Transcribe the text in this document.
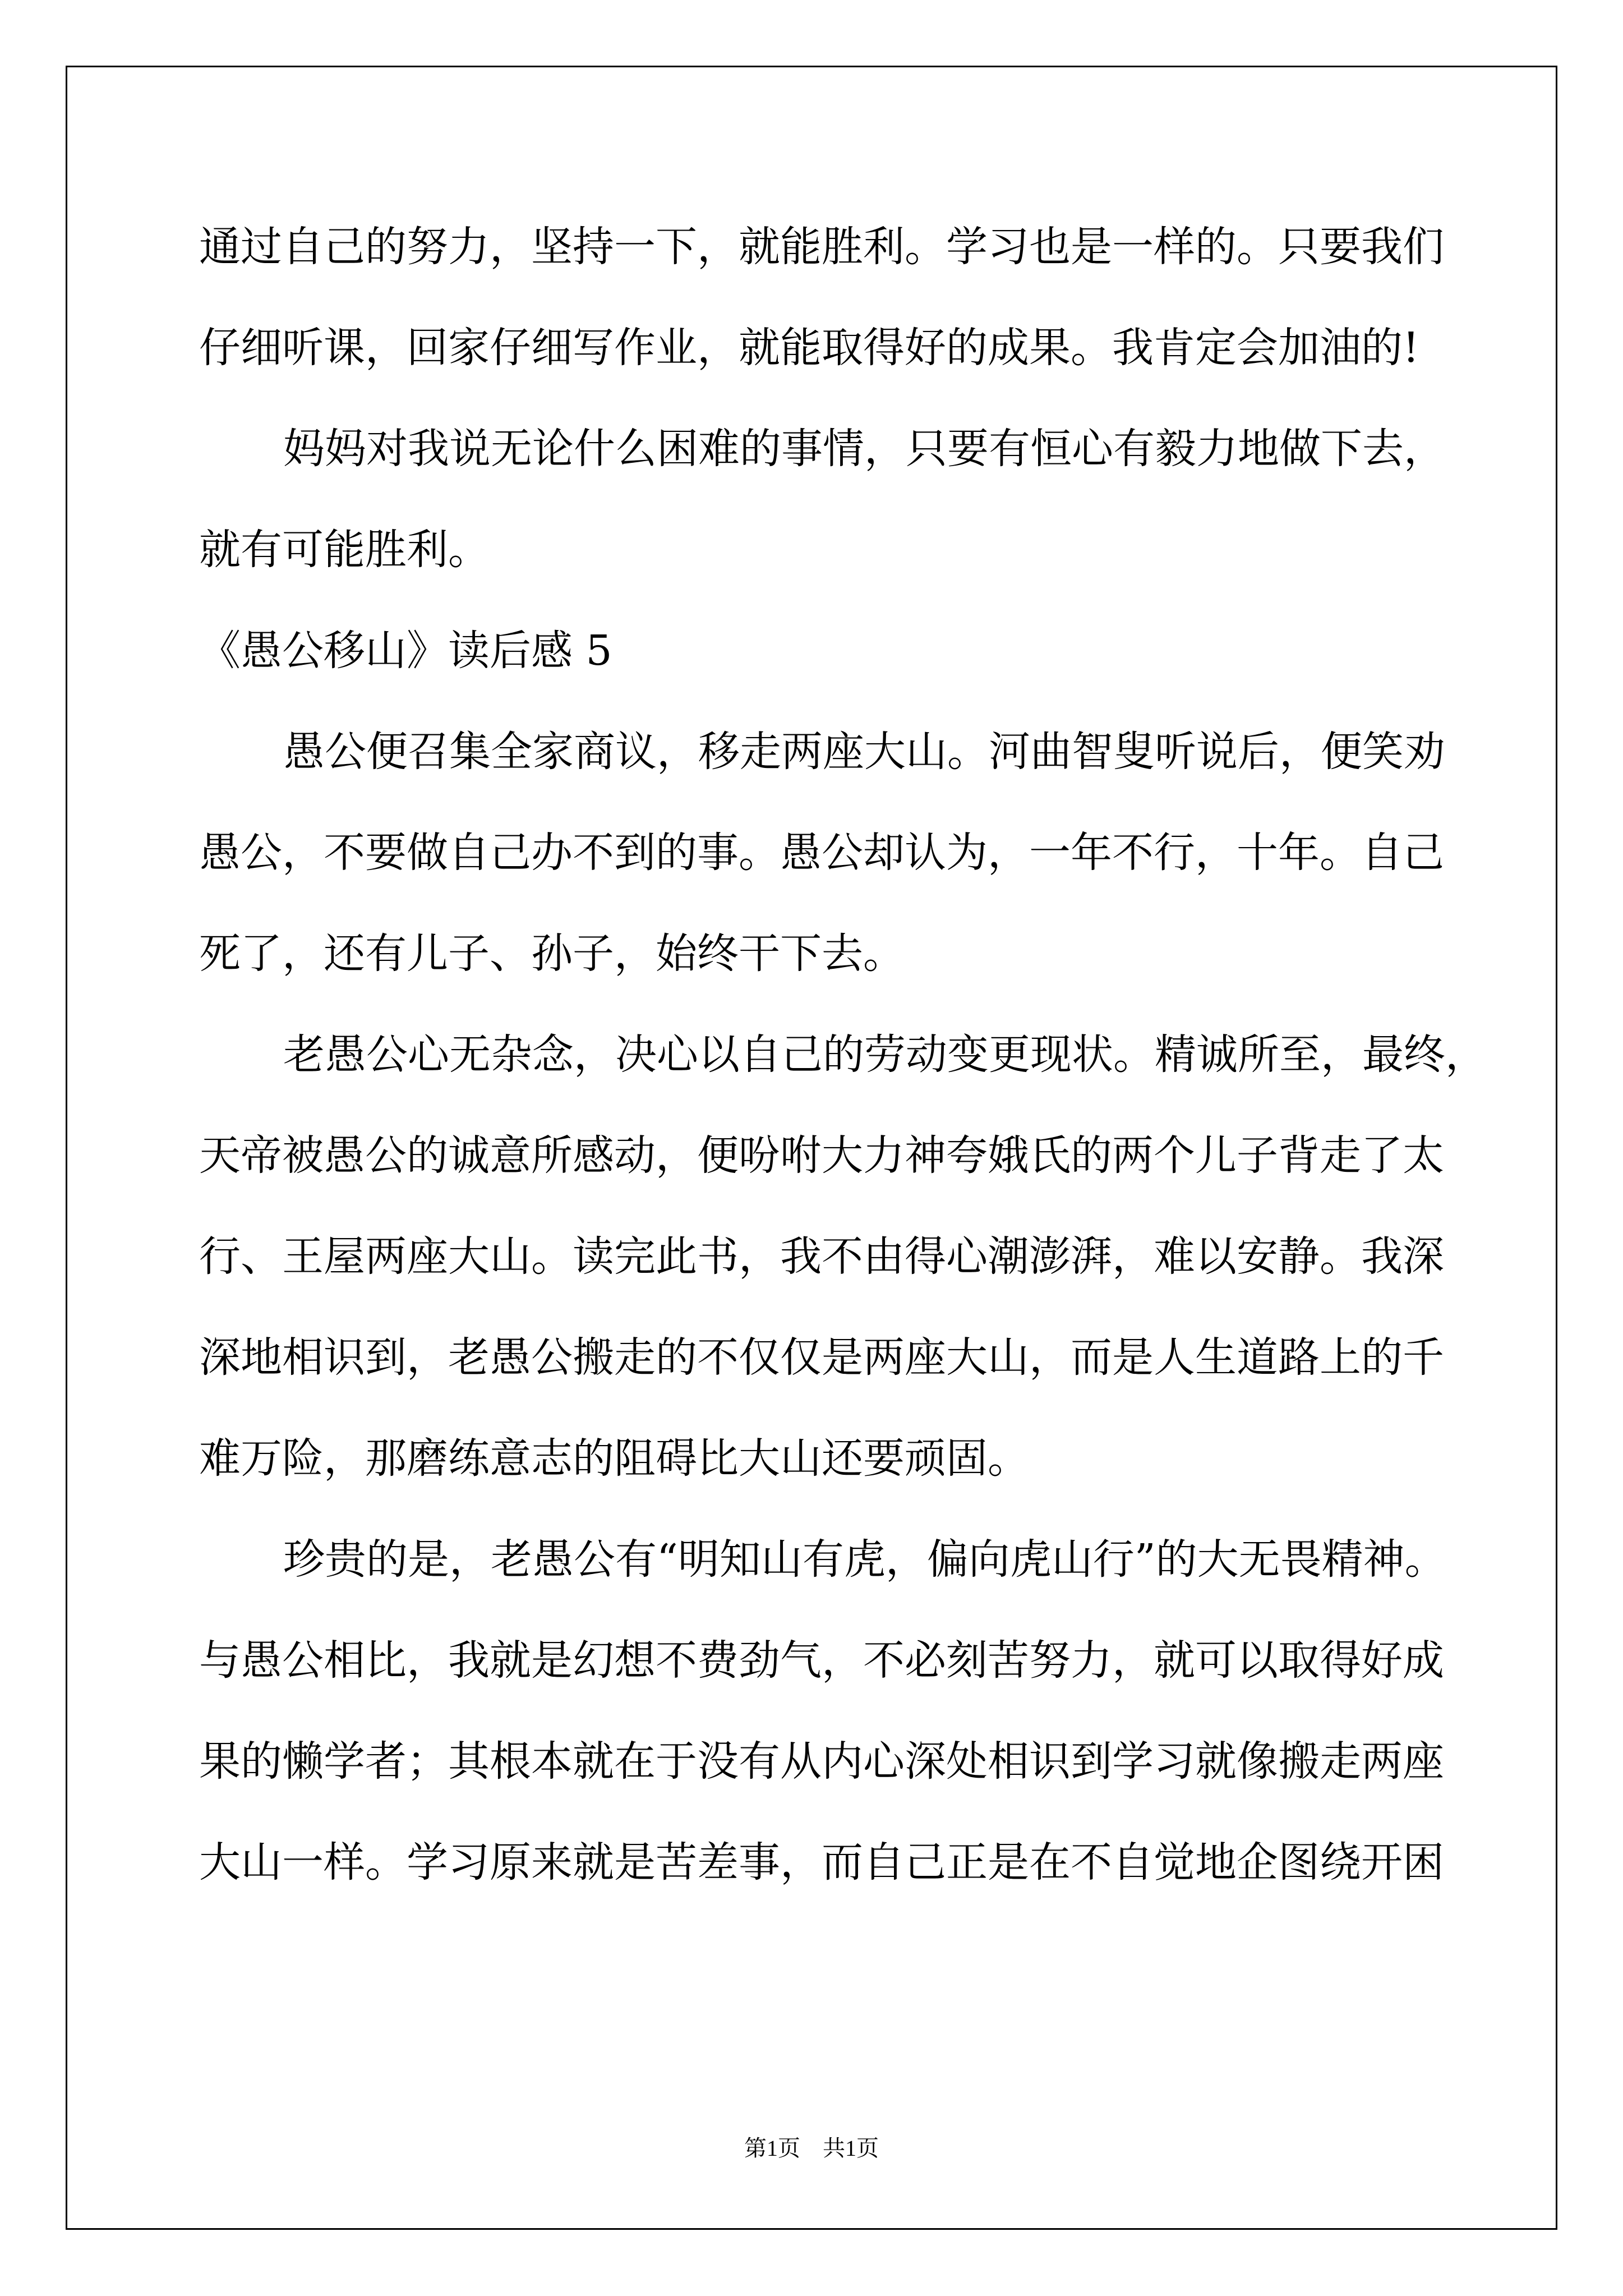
通过自己的努力，坚持一下，就能胜利。学习也是一样的。只要我们

仔细听课，回家仔细写作业，就能取得好的成果。我肯定会加油的!

妈妈对我说无论什么困难的事情，只要有恒心有毅力地做下去，

就有可能胜利。

《愚公移山》读后感 5

愚公便召集全家商议，移走两座大山。河曲智叟听说后，便笑劝

愚公，不要做自己办不到的事。愚公却认为，一年不行，十年。自己

死了，还有儿子、孙子，始终干下去。

老愚公心无杂念，决心以自己的劳动变更现状。精诚所至，最终，

天帝被愚公的诚意所感动，便吩咐大力神夸娥氏的两个儿子背走了太

行、王屋两座大山。读完此书，我不由得心潮澎湃，难以安静。我深

深地相识到，老愚公搬走的不仅仅是两座大山，而是人生道路上的千

难万险，那磨练意志的阻碍比大山还要顽固。

珍贵的是，老愚公有“明知山有虎，偏向虎山行”的大无畏精神。

与愚公相比，我就是幻想不费劲气，不必刻苦努力，就可以取得好成

果的懒学者；其根本就在于没有从内心深处相识到学习就像搬走两座

大山一样。学习原来就是苦差事，而自己正是在不自觉地企图绕开困

第1页　共1页
